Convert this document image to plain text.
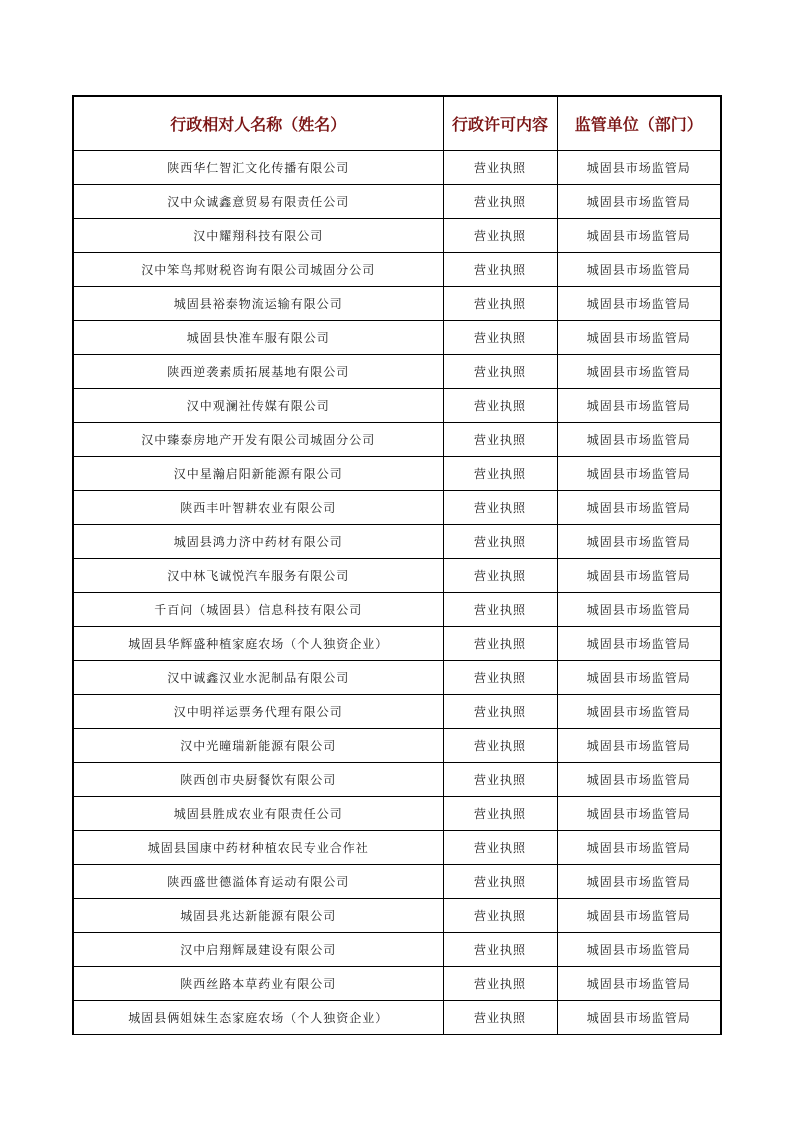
行政相对人名称（姓名）	行政许可内容	监管单位（部门）
陕西华仁智汇文化传播有限公司	营业执照	城固县市场监管局
汉中众诚鑫意贸易有限责任公司	营业执照	城固县市场监管局
汉中耀翔科技有限公司	营业执照	城固县市场监管局
汉中笨鸟邦财税咨询有限公司城固分公司	营业执照	城固县市场监管局
城固县裕泰物流运输有限公司	营业执照	城固县市场监管局
城固县快准车服有限公司	营业执照	城固县市场监管局
陕西逆袭素质拓展基地有限公司	营业执照	城固县市场监管局
汉中观澜社传媒有限公司	营业执照	城固县市场监管局
汉中臻泰房地产开发有限公司城固分公司	营业执照	城固县市场监管局
汉中星瀚启阳新能源有限公司	营业执照	城固县市场监管局
陕西丰叶智耕农业有限公司	营业执照	城固县市场监管局
城固县鸿力济中药材有限公司	营业执照	城固县市场监管局
汉中林飞诚悦汽车服务有限公司	营业执照	城固县市场监管局
千百问（城固县）信息科技有限公司	营业执照	城固县市场监管局
城固县华辉盛种植家庭农场（个人独资企业）	营业执照	城固县市场监管局
汉中诚鑫汉业水泥制品有限公司	营业执照	城固县市场监管局
汉中明祥运票务代理有限公司	营业执照	城固县市场监管局
汉中光曈瑞新能源有限公司	营业执照	城固县市场监管局
陕西创市央厨餐饮有限公司	营业执照	城固县市场监管局
城固县胜成农业有限责任公司	营业执照	城固县市场监管局
城固县国康中药材种植农民专业合作社	营业执照	城固县市场监管局
陕西盛世德溢体育运动有限公司	营业执照	城固县市场监管局
城固县兆达新能源有限公司	营业执照	城固县市场监管局
汉中启翔辉晟建设有限公司	营业执照	城固县市场监管局
陕西丝路本草药业有限公司	营业执照	城固县市场监管局
城固县俩姐妹生态家庭农场（个人独资企业）	营业执照	城固县市场监管局
